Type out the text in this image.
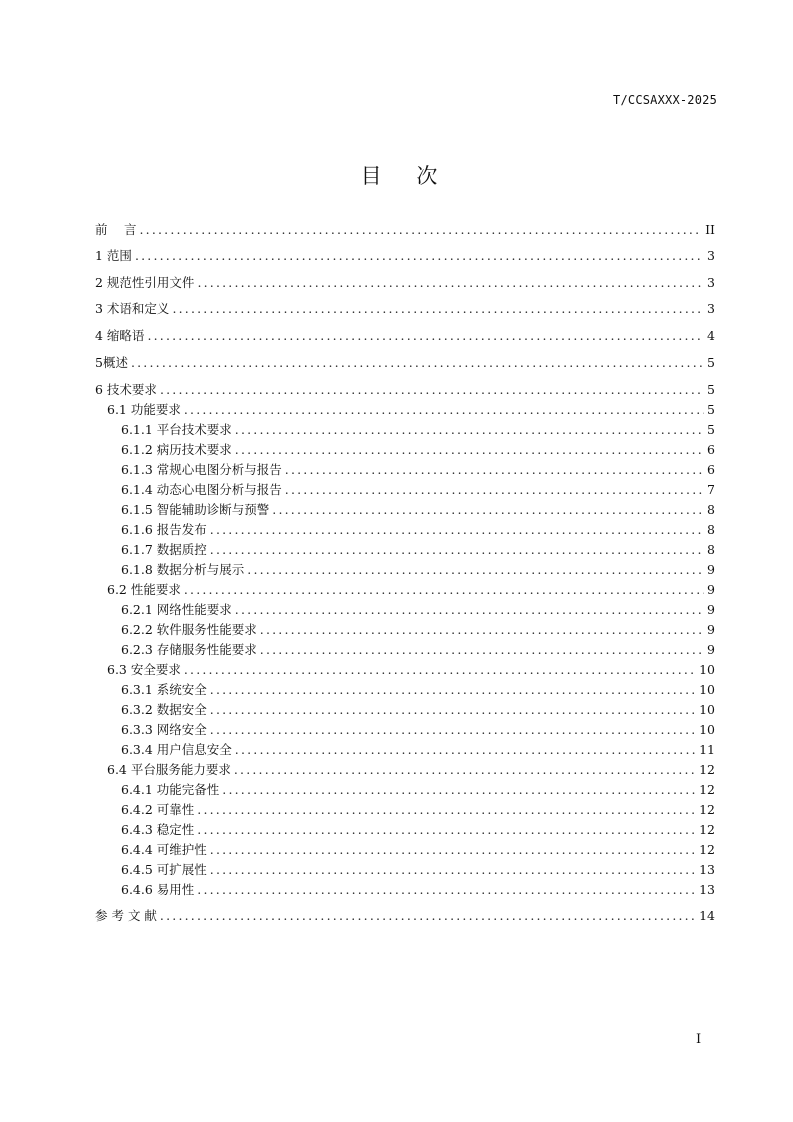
T/CCSAXXX-2025
目 次
前　 言 .....	II
1 范围 .....	3
2 规范性引用文件 .....	3
3 术语和定义 .....	3
4 缩略语 .....	4
5概述 .....	5
6 技术要求 .....	5
6.1 功能要求 .....	5
6.1.1 平台技术要求 .....	5
6.1.2 病历技术要求 .....	6
6.1.3 常规心电图分析与报告 .....	6
6.1.4 动态心电图分析与报告 .....	7
6.1.5 智能辅助诊断与预警 .....	8
6.1.6 报告发布 .....	8
6.1.7 数据质控 .....	8
6.1.8 数据分析与展示 .....	9
6.2 性能要求 .....	9
6.2.1 网络性能要求 .....	9
6.2.2 软件服务性能要求 .....	9
6.2.3 存储服务性能要求 .....	9
6.3 安全要求 .....	10
6.3.1 系统安全 .....	10
6.3.2 数据安全 .....	10
6.3.3 网络安全 .....	10
6.3.4 用户信息安全 .....	11
6.4 平台服务能力要求 .....	12
6.4.1 功能完备性 .....	12
6.4.2 可靠性 .....	12
6.4.3 稳定性 .....	12
6.4.4 可维护性 .....	12
6.4.5 可扩展性 .....	13
6.4.6 易用性 .....	13
参 考 文 献 .....	14
I
